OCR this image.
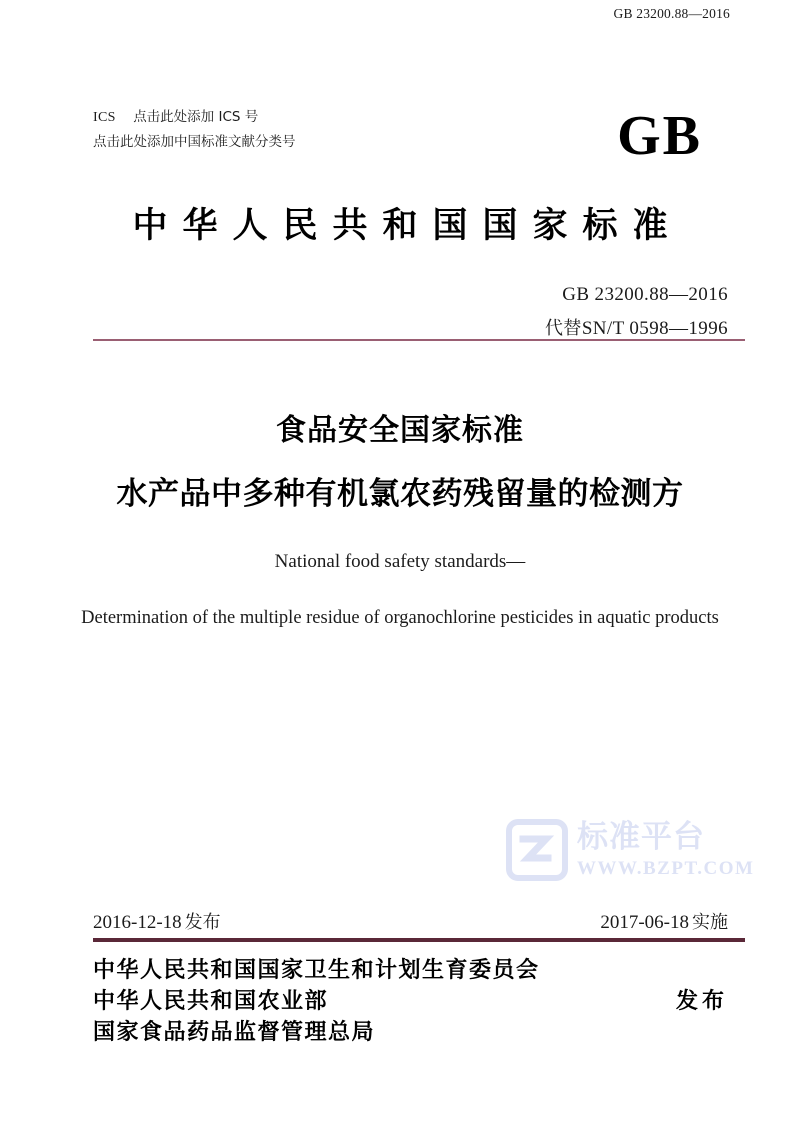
GB 23200.88—2016
ICS 点击此处添加 ICS 号
点击此处添加中国标准文献分类号	GB
中华人民共和国国家标准
GB 23200.88—2016
代替SN/T 0598—1996
食品安全国家标准
水产品中多种有机氯农药残留量的检测方
National food safety standards—
Determination of the multiple residue of organochlorine pesticides in aquatic products
标准平台
WWW.BZPT.COM
2016-12-18 发布	2017-06-18 实施
中华人民共和国国家卫生和计划生育委员会
中华人民共和国农业部	发布
国家食品药品监督管理总局
